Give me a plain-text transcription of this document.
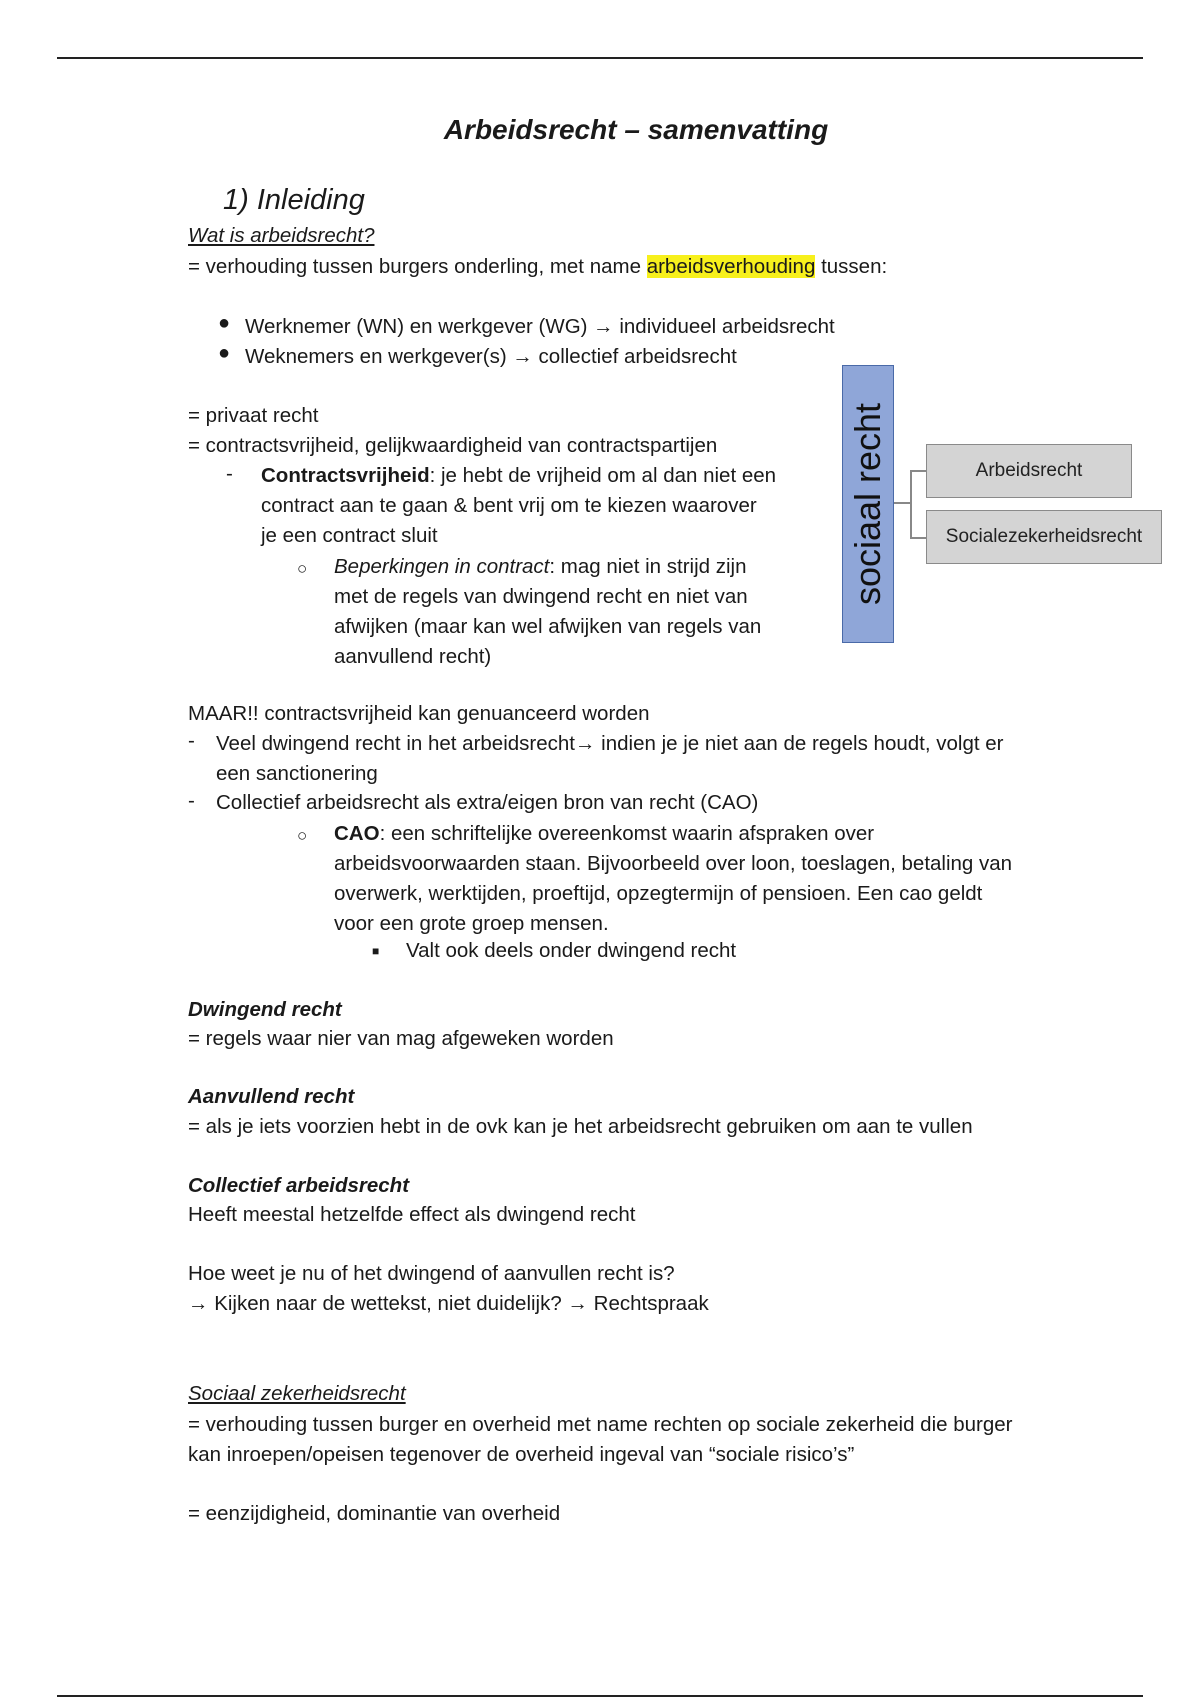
Arbeidsrecht – samenvatting
1) Inleiding
Wat is arbeidsrecht?
= verhouding tussen burgers onderling, met name arbeidsverhouding tussen:
● Werknemer (WN) en werkgever (WG) → individueel arbeidsrecht
● Weknemers en werkgever(s) → collectief arbeidsrecht
= privaat recht
= contractsvrijheid, gelijkwaardigheid van contractspartijen
- Contractsvrijheid: je hebt de vrijheid om al dan niet een
contract aan te gaan & bent vrij om te kiezen waarover
je een contract sluit
○ Beperkingen in contract: mag niet in strijd zijn
met de regels van dwingend recht en niet van
afwijken (maar kan wel afwijken van regels van
aanvullend recht)
MAAR!! contractsvrijheid kan genuanceerd worden
- Veel dwingend recht in het arbeidsrecht→ indien je je niet aan de regels houdt, volgt er
een sanctionering
- Collectief arbeidsrecht als extra/eigen bron van recht (CAO)
○ CAO: een schriftelijke overeenkomst waarin afspraken over
arbeidsvoorwaarden staan. Bijvoorbeeld over loon, toeslagen, betaling van
overwerk, werktijden, proeftijd, opzegtermijn of pensioen. Een cao geldt
voor een grote groep mensen.
■ Valt ook deels onder dwingend recht
Dwingend recht
= regels waar nier van mag afgeweken worden
Aanvullend recht
= als je iets voorzien hebt in de ovk kan je het arbeidsrecht gebruiken om aan te vullen
Collectief arbeidsrecht
Heeft meestal hetzelfde effect als dwingend recht
Hoe weet je nu of het dwingend of aanvullen recht is?
→ Kijken naar de wettekst, niet duidelijk? → Rechtspraak
Sociaal zekerheidsrecht
= verhouding tussen burger en overheid met name rechten op sociale zekerheid die burger
kan inroepen/opeisen tegenover de overheid ingeval van “sociale risico’s”
= eenzijdigheid, dominantie van overheid
sociaal recht	Arbeidsrecht
Socialezekerheidsrecht
